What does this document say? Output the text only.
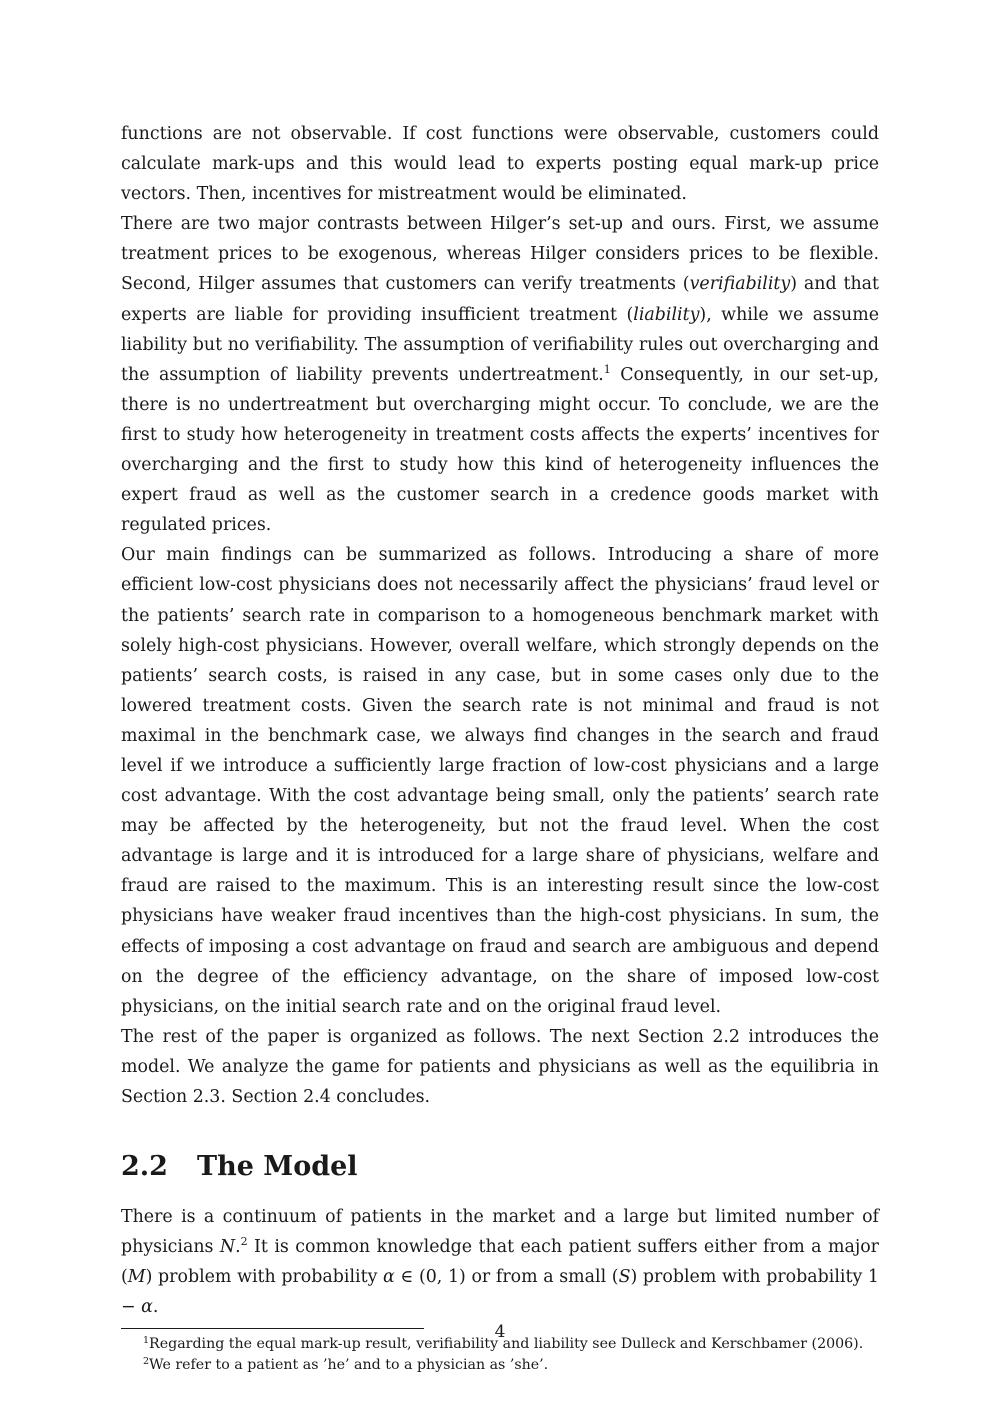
functions are not observable. If cost functions were observable, customers could calculate mark-ups and this would lead to experts posting equal mark-up price vectors. Then, incentives for mistreatment would be eliminated.

There are two major contrasts between Hilger’s set-up and ours. First, we assume treatment prices to be exogenous, whereas Hilger considers prices to be flexible. Second, Hilger assumes that customers can verify treatments (verifiability) and that experts are liable for providing insufficient treatment (liability), while we assume liability but no verifiability. The assumption of verifiability rules out overcharging and the assumption of liability prevents undertreatment.$^1$ Consequently, in our set-up, there is no undertreatment but overcharging might occur. To conclude, we are the first to study how heterogeneity in treatment costs affects the experts’ incentives for overcharging and the first to study how this kind of heterogeneity influences the expert fraud as well as the customer search in a credence goods market with regulated prices.

Our main findings can be summarized as follows. Introducing a share of more efficient low-cost physicians does not necessarily affect the physicians’ fraud level or the patients’ search rate in comparison to a homogeneous benchmark market with solely high-cost physicians. However, overall welfare, which strongly depends on the patients’ search costs, is raised in any case, but in some cases only due to the lowered treatment costs. Given the search rate is not minimal and fraud is not maximal in the benchmark case, we always find changes in the search and fraud level if we introduce a sufficiently large fraction of low-cost physicians and a large cost advantage. With the cost advantage being small, only the patients’ search rate may be affected by the heterogeneity, but not the fraud level. When the cost advantage is large and it is introduced for a large share of physicians, welfare and fraud are raised to the maximum. This is an interesting result since the low-cost physicians have weaker fraud incentives than the high-cost physicians. In sum, the effects of imposing a cost advantage on fraud and search are ambiguous and depend on the degree of the efficiency advantage, on the share of imposed low-cost physicians, on the initial search rate and on the original fraud level.

The rest of the paper is organized as follows. The next Section 2.2 introduces the model. We analyze the game for patients and physicians as well as the equilibria in Section 2.3. Section 2.4 concludes.

2.2	The Model

There is a continuum of patients in the market and a large but limited number of physicians N.$^2$ It is common knowledge that each patient suffers either from a major (M) problem with probability α ∈ (0, 1) or from a small (S) problem with probability 1 − α.

$^1$Regarding the equal mark-up result, verifiability and liability see Dulleck and Kerschbamer (2006).

$^2$We refer to a patient as ’he’ and to a physician as ’she’.

4
